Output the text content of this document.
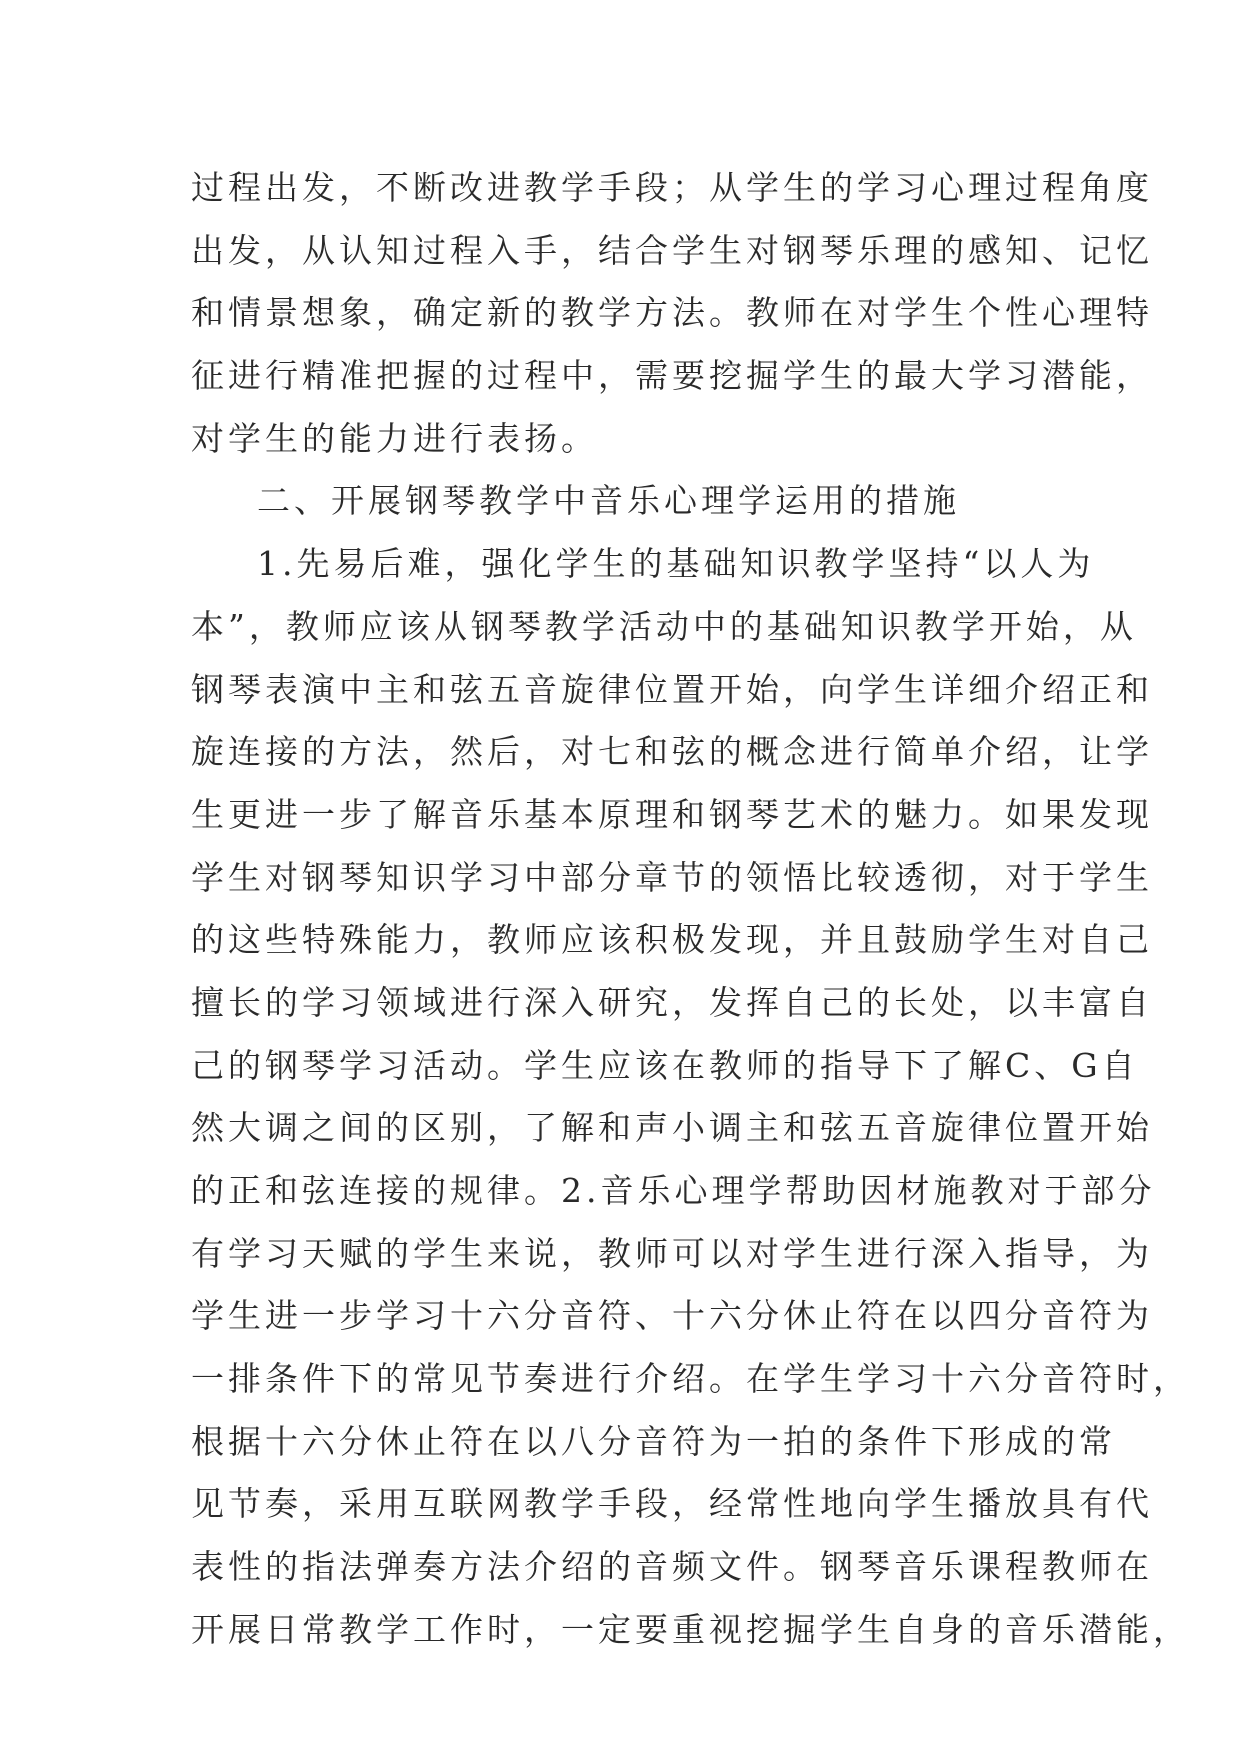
过程出发，不断改进教学手段；从学生的学习心理过程角度
出发，从认知过程入手，结合学生对钢琴乐理的感知、记忆
和情景想象，确定新的教学方法。教师在对学生个性心理特
征进行精准把握的过程中，需要挖掘学生的最大学习潜能，
对学生的能力进行表扬。
二、开展钢琴教学中音乐心理学运用的措施
1.先易后难，强化学生的基础知识教学坚持“以人为
本”，教师应该从钢琴教学活动中的基础知识教学开始，从
钢琴表演中主和弦五音旋律位置开始，向学生详细介绍正和
旋连接的方法，然后，对七和弦的概念进行简单介绍，让学
生更进一步了解音乐基本原理和钢琴艺术的魅力。如果发现
学生对钢琴知识学习中部分章节的领悟比较透彻，对于学生
的这些特殊能力，教师应该积极发现，并且鼓励学生对自己
擅长的学习领域进行深入研究，发挥自己的长处，以丰富自
己的钢琴学习活动。学生应该在教师的指导下了解C、G自
然大调之间的区别，了解和声小调主和弦五音旋律位置开始
的正和弦连接的规律。2.音乐心理学帮助因材施教对于部分
有学习天赋的学生来说，教师可以对学生进行深入指导，为
学生进一步学习十六分音符、十六分休止符在以四分音符为
一排条件下的常见节奏进行介绍。在学生学习十六分音符时，
根据十六分休止符在以八分音符为一拍的条件下形成的常
见节奏，采用互联网教学手段，经常性地向学生播放具有代
表性的指法弹奏方法介绍的音频文件。钢琴音乐课程教师在
开展日常教学工作时，一定要重视挖掘学生自身的音乐潜能，
